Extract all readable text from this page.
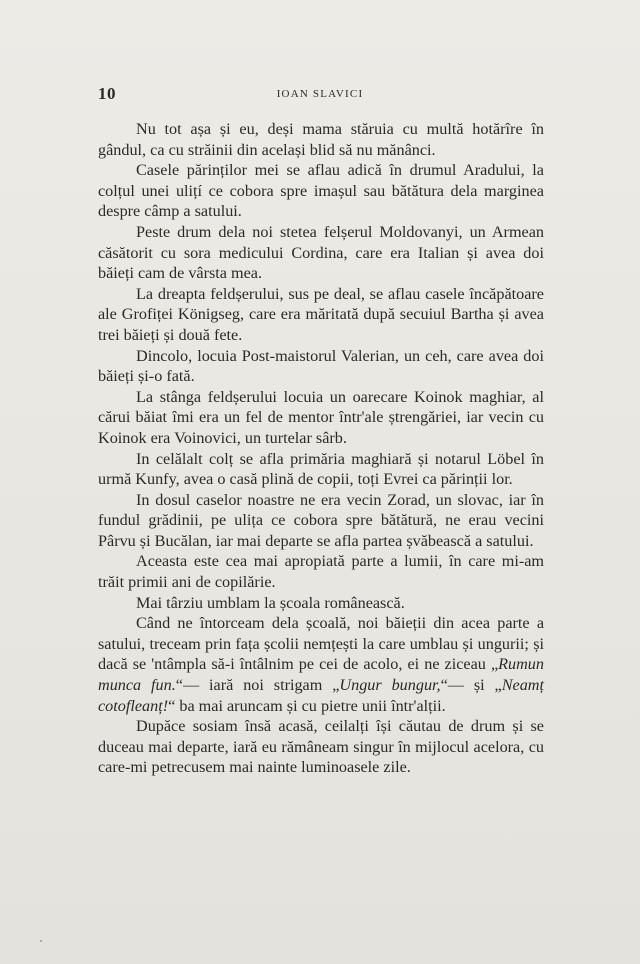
10	IOAN SLAVICI

Nu tot așa și eu, deși mama stăruia cu multă hotărîre în gândul, ca cu străinii din același blid să nu mănânci.

Casele părinților mei se aflau adică în drumul Aradului, la colțul unei ulițí ce cobora spre imașul sau bătătura dela marginea despre câmp a satului.

Peste drum dela noi stetea felșerul Moldovanyi, un Armean căsătorit cu sora medicului Cordina, care era Italian și avea doi băieți cam de vârsta mea.

La dreapta feldșerului, sus pe deal, se aflau casele încăpătoare ale Grofiței Königseg, care era măritată după secuiul Bartha și avea trei băieți și două fete.

Dincolo, locuia Post-maistorul Valerian, un ceh, care avea doi băieți și-o fată.

La stânga feldșerului locuia un oarecare Koinok maghiar, al cărui băiat îmi era un fel de mentor într'ale ștrengăriei, iar vecin cu Koinok era Voinovici, un turtelar sârb.

In celălalt colț se afla primăria maghiară și notarul Löbel în urmă Kunfy, avea o casă plină de copii, toți Evrei ca părinții lor.

In dosul caselor noastre ne era vecin Zorad, un slovac, iar în fundul grădinii, pe ulița ce cobora spre bătătură, ne erau vecini Pârvu și Bucălan, iar mai departe se afla partea șvăbească a satului.

Aceasta este cea mai apropiată parte a lumii, în care mi-am trăit primii ani de copilărie.

Mai târziu umblam la școala românească.

Când ne întorceam dela școală, noi băieții din acea parte a satului, treceam prin fața școlii nemțești la care umblau și ungurii; și dacă se 'ntâmpla să-i întâlnim pe cei de acolo, ei ne ziceau „Rumun munca fun.“— iară noi strigam „Ungur bungur,“— și „Neamț cotofleanț!“ ba mai aruncam și cu pietre unii într'alții.

Dupăce sosiam însă acasă, ceilalți își căutau de drum și se duceau mai departe, iară eu rămâneam singur în mijlocul acelora, cu care-mi petrecusem mai nainte luminoasele zile.
